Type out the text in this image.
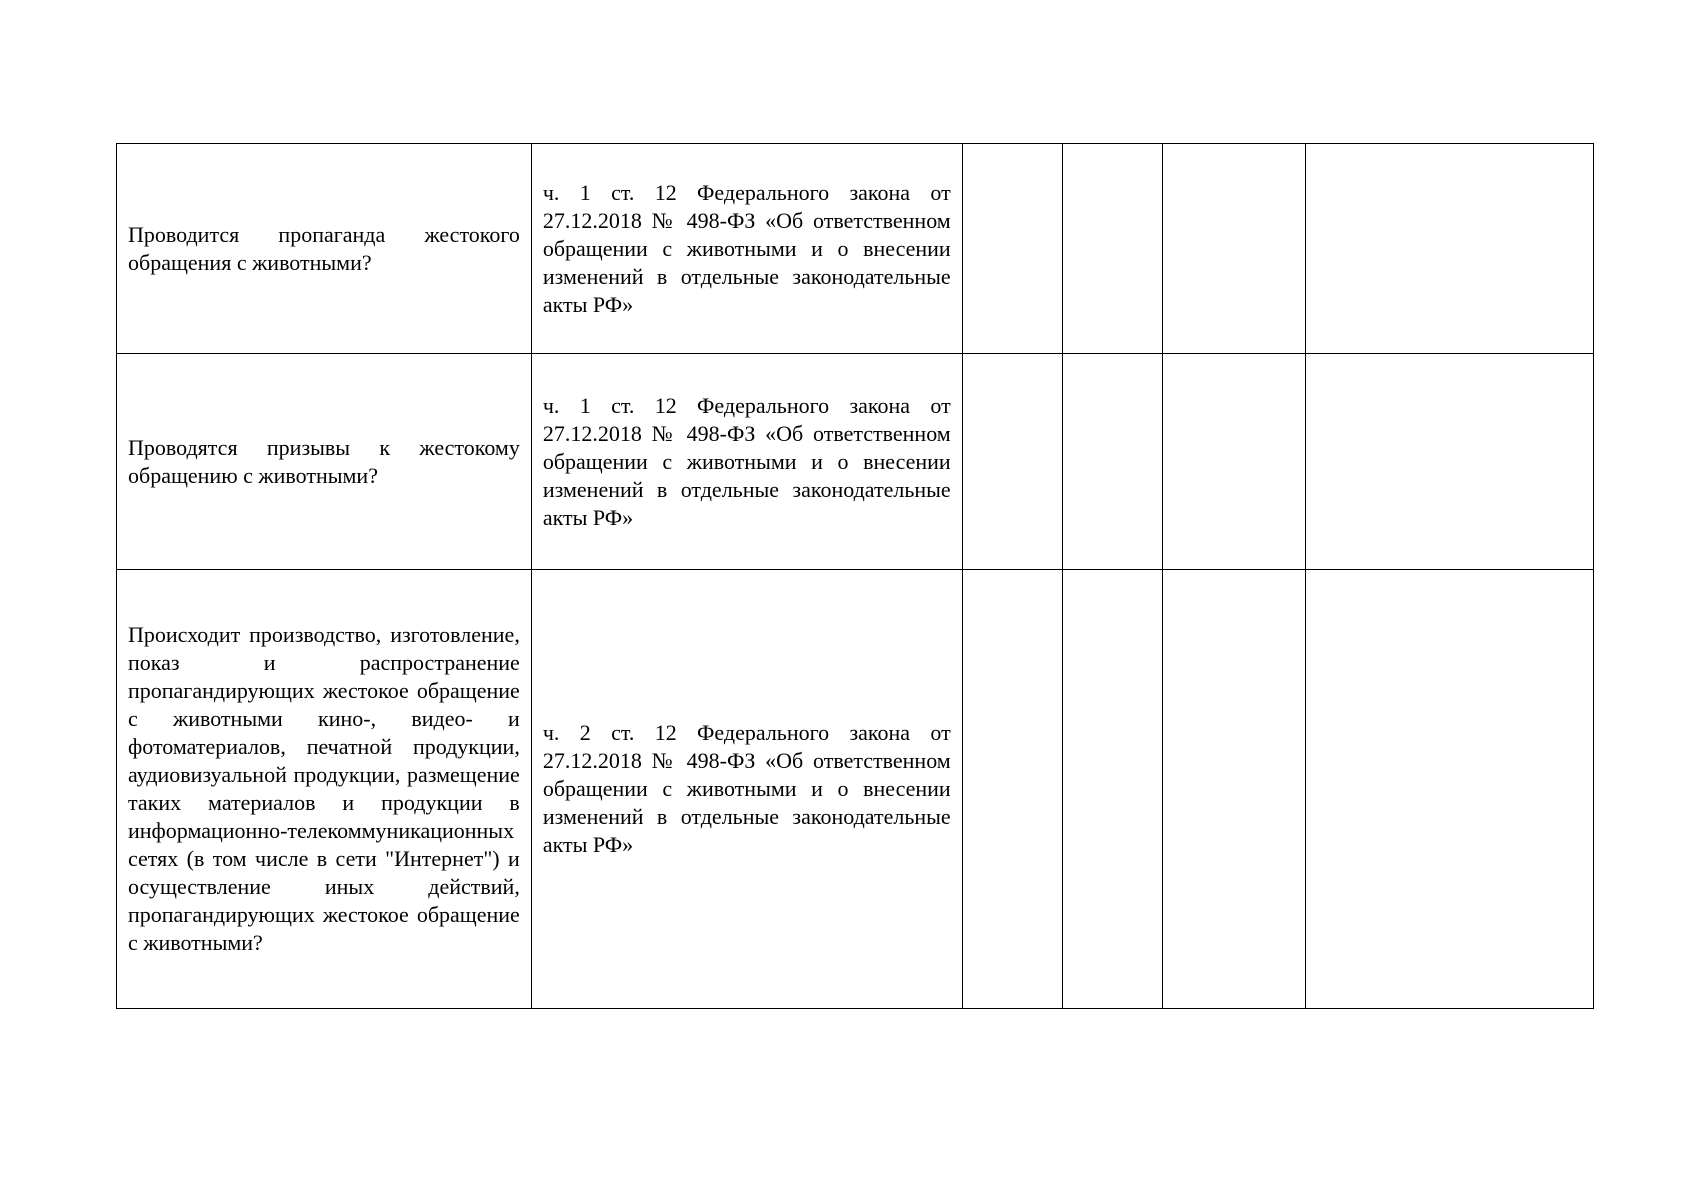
Проводится пропаганда жестокого обращения с животными?	ч. 1 ст. 12 Федерального закона от 27.12.2018 № 498-ФЗ «Об ответственном обращении с животными и о внесении изменений в отдельные законодательные акты РФ»				

Проводятся призывы к жестокому обращению с животными?	ч. 1 ст. 12 Федерального закона от 27.12.2018 № 498-ФЗ «Об ответственном обращении с животными и о внесении изменений в отдельные законодательные акты РФ»				

Происходит производство, изготовление, показ и распространение пропагандирующих жестокое обращение с животными кино-, видео- и фотоматериалов, печатной продукции, аудиовизуальной продукции, размещение таких материалов и продукции в информационно-телекоммуникационных сетях (в том числе в сети "Интернет") и осуществление иных действий, пропагандирующих жестокое обращение с животными?	ч. 2 ст. 12 Федерального закона от 27.12.2018 № 498-ФЗ «Об ответственном обращении с животными и о внесении изменений в отдельные законодательные акты РФ»				
